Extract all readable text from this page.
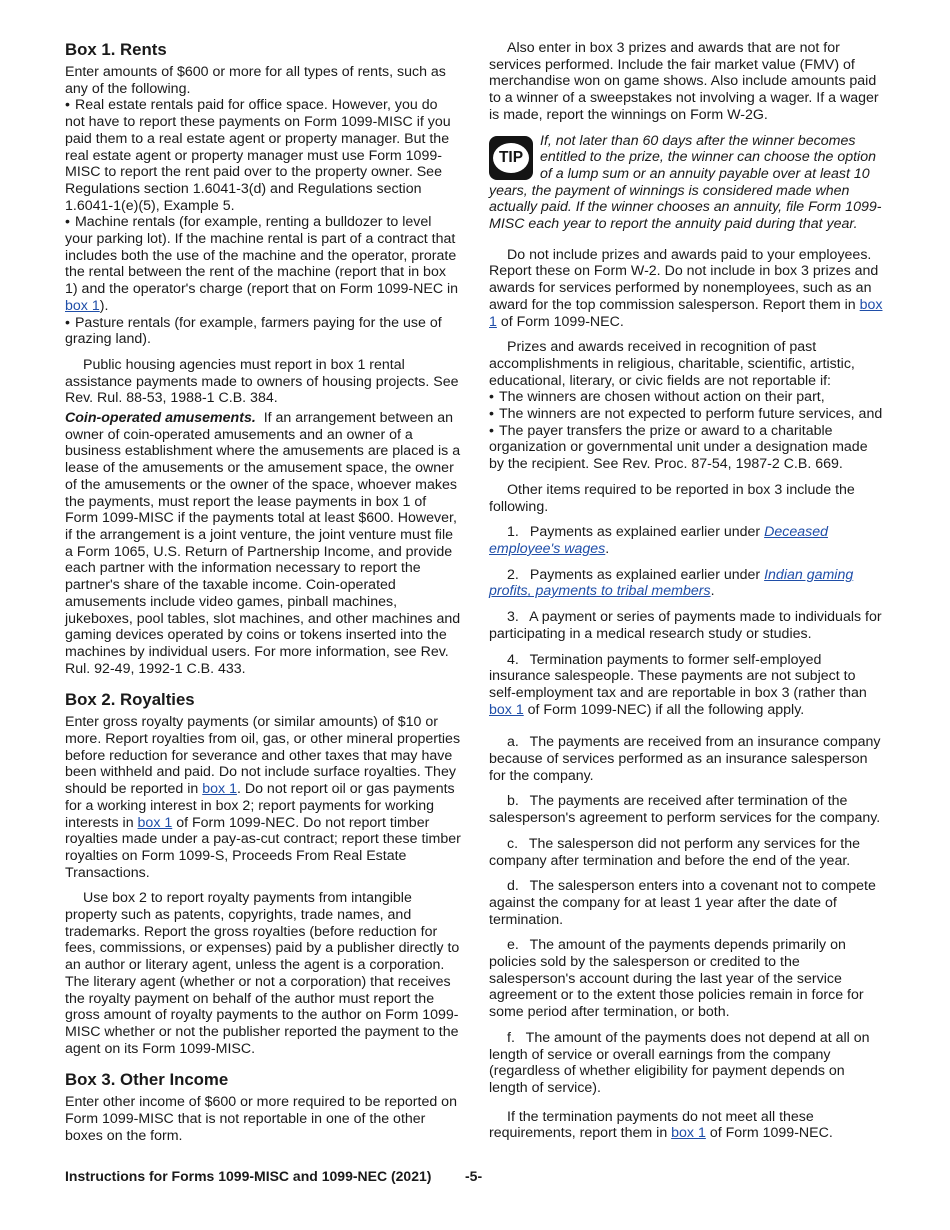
Box 1. Rents

Enter amounts of $600 or more for all types of rents, such as any of the following.

• Real estate rentals paid for office space. However, you do not have to report these payments on Form 1099-MISC if you paid them to a real estate agent or property manager. But the real estate agent or property manager must use Form 1099-MISC to report the rent paid over to the property owner. See Regulations section 1.6041-3(d) and Regulations section 1.6041-1(e)(5), Example 5.

• Machine rentals (for example, renting a bulldozer to level your parking lot). If the machine rental is part of a contract that includes both the use of the machine and the operator, prorate the rental between the rent of the machine (report that in box 1) and the operator's charge (report that on Form 1099-NEC in box 1).

• Pasture rentals (for example, farmers paying for the use of grazing land).

Public housing agencies must report in box 1 rental assistance payments made to owners of housing projects. See Rev. Rul. 88-53, 1988-1 C.B. 384.

Coin-operated amusements. If an arrangement between an owner of coin-operated amusements and an owner of a business establishment where the amusements are placed is a lease of the amusements or the amusement space, the owner of the amusements or the owner of the space, whoever makes the payments, must report the lease payments in box 1 of Form 1099-MISC if the payments total at least $600. However, if the arrangement is a joint venture, the joint venture must file a Form 1065, U.S. Return of Partnership Income, and provide each partner with the information necessary to report the partner's share of the taxable income. Coin-operated amusements include video games, pinball machines, jukeboxes, pool tables, slot machines, and other machines and gaming devices operated by coins or tokens inserted into the machines by individual users. For more information, see Rev. Rul. 92-49, 1992-1 C.B. 433.

Box 2. Royalties

Enter gross royalty payments (or similar amounts) of $10 or more. Report royalties from oil, gas, or other mineral properties before reduction for severance and other taxes that may have been withheld and paid. Do not include surface royalties. They should be reported in box 1. Do not report oil or gas payments for a working interest in box 2; report payments for working interests in box 1 of Form 1099-NEC. Do not report timber royalties made under a pay-as-cut contract; report these timber royalties on Form 1099-S, Proceeds From Real Estate Transactions.

Use box 2 to report royalty payments from intangible property such as patents, copyrights, trade names, and trademarks. Report the gross royalties (before reduction for fees, commissions, or expenses) paid by a publisher directly to an author or literary agent, unless the agent is a corporation. The literary agent (whether or not a corporation) that receives the royalty payment on behalf of the author must report the gross amount of royalty payments to the author on Form 1099-MISC whether or not the publisher reported the payment to the agent on its Form 1099-MISC.

Box 3. Other Income

Enter other income of $600 or more required to be reported on Form 1099-MISC that is not reportable in one of the other boxes on the form.

Also enter in box 3 prizes and awards that are not for services performed. Include the fair market value (FMV) of merchandise won on game shows. Also include amounts paid to a winner of a sweepstakes not involving a wager. If a wager is made, report the winnings on Form W-2G.

TIP
If, not later than 60 days after the winner becomes entitled to the prize, the winner can choose the option of a lump sum or an annuity payable over at least 10 years, the payment of winnings is considered made when actually paid. If the winner chooses an annuity, file Form 1099-MISC each year to report the annuity paid during that year.

Do not include prizes and awards paid to your employees. Report these on Form W-2. Do not include in box 3 prizes and awards for services performed by nonemployees, such as an award for the top commission salesperson. Report them in box 1 of Form 1099-NEC.

Prizes and awards received in recognition of past accomplishments in religious, charitable, scientific, artistic, educational, literary, or civic fields are not reportable if:

• The winners are chosen without action on their part,

• The winners are not expected to perform future services, and

• The payer transfers the prize or award to a charitable organization or governmental unit under a designation made by the recipient. See Rev. Proc. 87-54, 1987-2 C.B. 669.

Other items required to be reported in box 3 include the following.

1.  Payments as explained earlier under Deceased employee's wages.

2.  Payments as explained earlier under Indian gaming profits, payments to tribal members.

3.  A payment or series of payments made to individuals for participating in a medical research study or studies.

4.  Termination payments to former self-employed insurance salespeople. These payments are not subject to self-employment tax and are reportable in box 3 (rather than box 1 of Form 1099-NEC) if all the following apply.

a.  The payments are received from an insurance company because of services performed as an insurance salesperson for the company.

b.  The payments are received after termination of the salesperson's agreement to perform services for the company.

c.  The salesperson did not perform any services for the company after termination and before the end of the year.

d.  The salesperson enters into a covenant not to compete against the company for at least 1 year after the date of termination.

e.  The amount of the payments depends primarily on policies sold by the salesperson or credited to the salesperson's account during the last year of the service agreement or to the extent those policies remain in force for some period after termination, or both.

f.  The amount of the payments does not depend at all on length of service or overall earnings from the company (regardless of whether eligibility for payment depends on length of service).

If the termination payments do not meet all these requirements, report them in box 1 of Form 1099-NEC.

Instructions for Forms 1099-MISC and 1099-NEC (2021) -5-
